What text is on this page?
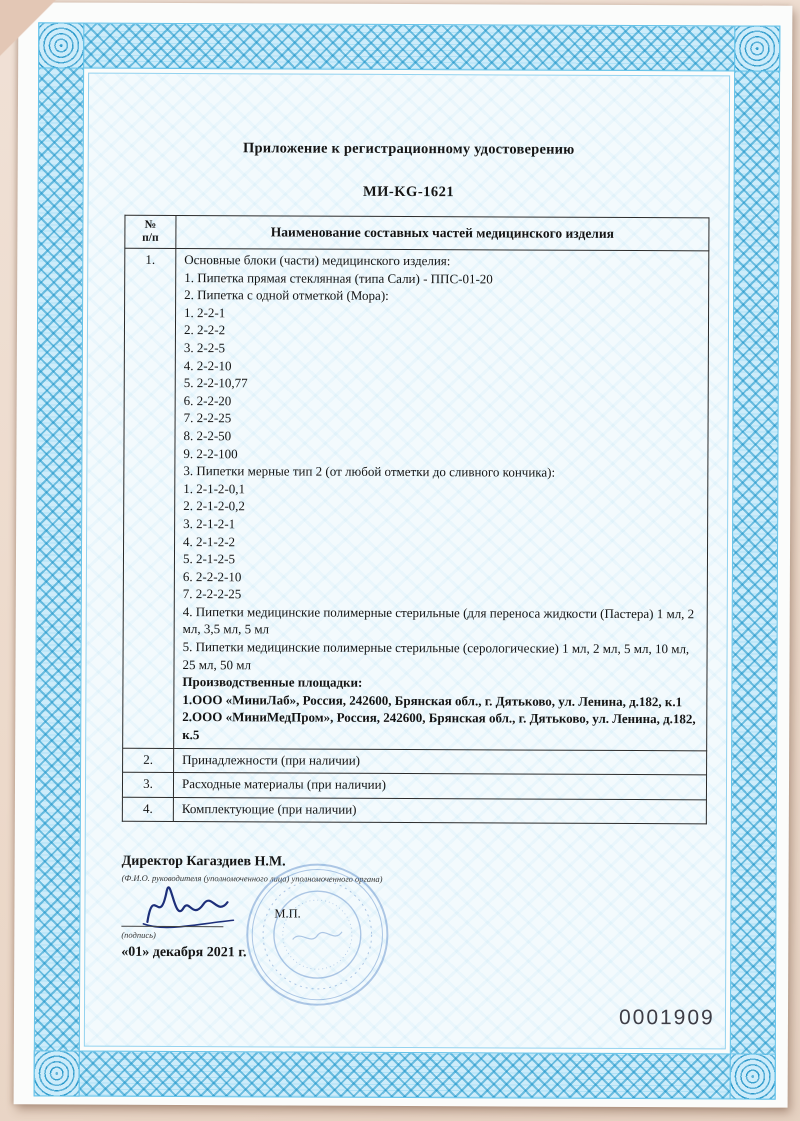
Приложение к регистрационному удостоверению
МИ-KG-1621
№
п/п	Наименование составных частей медицинского изделия
1.	Основные блоки (части) медицинского изделия:
1. Пипетка прямая стеклянная (типа Сали) - ППС-01-20
2. Пипетка с одной отметкой (Мора):
1. 2-2-1
2. 2-2-2
3. 2-2-5
4. 2-2-10
5. 2-2-10,77
6. 2-2-20
7. 2-2-25
8. 2-2-50
9. 2-2-100
3. Пипетки мерные тип 2 (от любой отметки до сливного кончика):
1. 2-1-2-0,1
2. 2-1-2-0,2
3. 2-1-2-1
4. 2-1-2-2
5. 2-1-2-5
6. 2-2-2-10
7. 2-2-2-25
4. Пипетки медицинские полимерные стерильные (для переноса жидкости (Пастера) 1 мл, 2 мл, 3,5 мл, 5 мл
5. Пипетки медицинские полимерные стерильные (серологические) 1 мл, 2 мл, 5 мл, 10 мл, 25 мл, 50 мл
Производственные площадки:
1.ООО «МиниЛаб», Россия, 242600, Брянская обл., г. Дятьково, ул. Ленина, д.182, к.1
2.ООО «МиниМедПром», Россия, 242600, Брянская обл., г. Дятьково, ул. Ленина, д.182, к.5

2.	Принадлежности (при наличии)

3.	Расходные материалы (при наличии)

4.	Комплектующие (при наличии)
Директор Кагаздиев Н.М.
(Ф.И.О. руководителя (уполномоченного лица) уполномоченного органа)
(подпись)
М.П.
«01» декабря 2021 г.
0001909
